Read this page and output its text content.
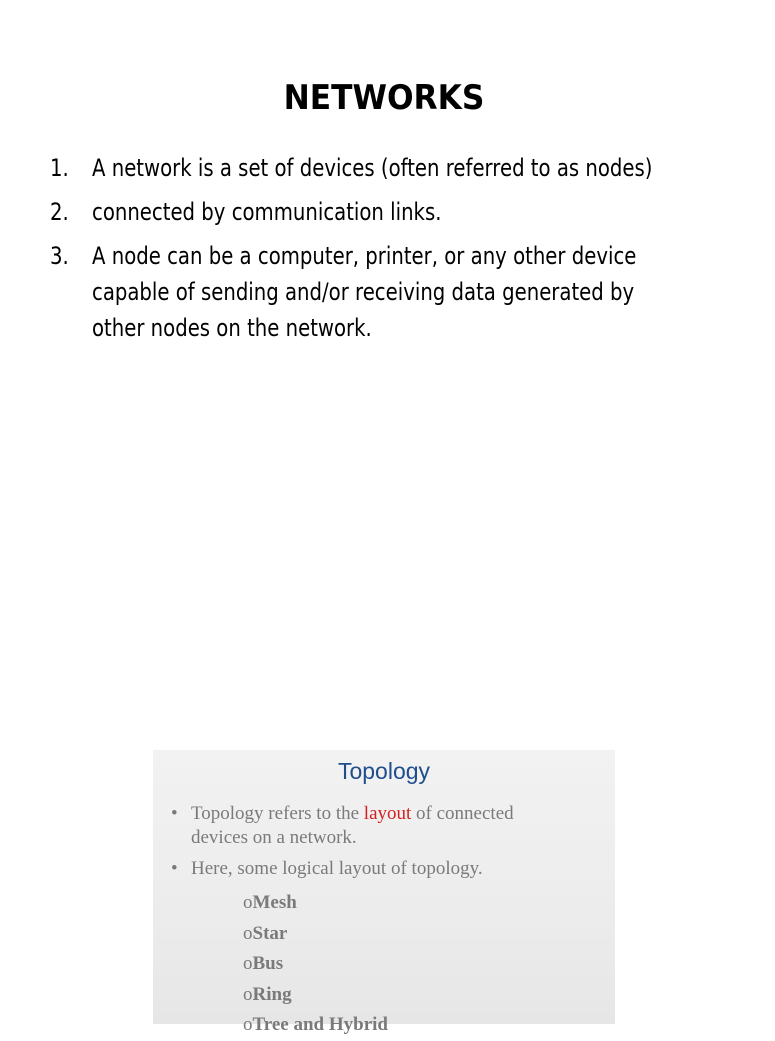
NETWORKS
1. A network is a set of devices (often referred to as nodes)
2. connected by communication links.
3. A node can be a computer, printer, or any other device
capable of sending and/or receiving data generated by
other nodes on the network.
Topology
• Topology refers to the layout of connected
devices on a network.
• Here, some logical layout of topology.
oMesh
oStar
oBus
oRing
oTree and Hybrid
